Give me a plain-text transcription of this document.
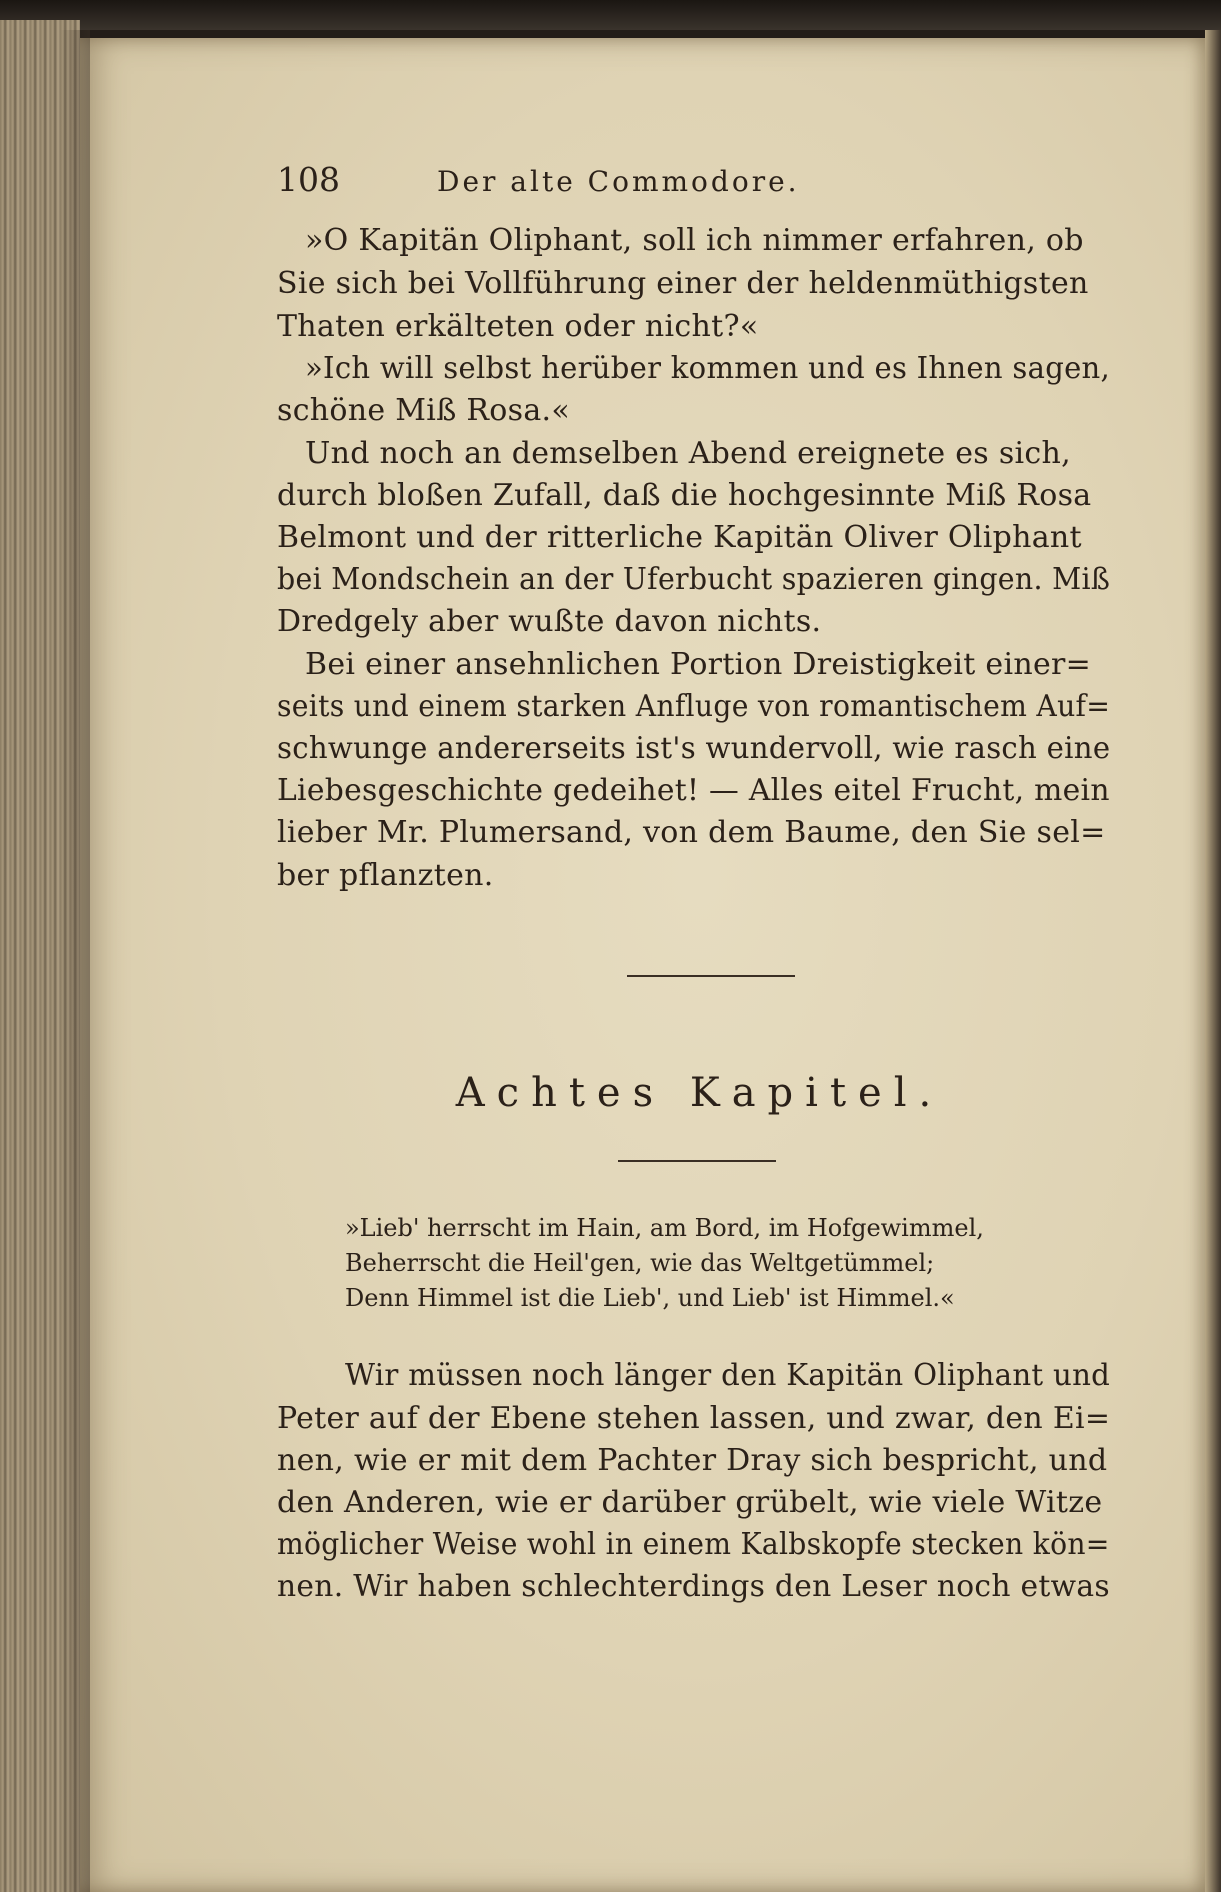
108	Der alte Commodore.
»O Kapitän Oliphant, soll ich nimmer erfahren, ob
Sie sich bei Vollführung einer der heldenmüthigsten
Thaten erkälteten oder nicht?«
»Ich will selbst herüber kommen und es Ihnen sagen,
schöne Miß Rosa.«
Und noch an demselben Abend ereignete es sich,
durch bloßen Zufall, daß die hochgesinnte Miß Rosa
Belmont und der ritterliche Kapitän Oliver Oliphant
bei Mondschein an der Uferbucht spazieren gingen. Miß
Dredgely aber wußte davon nichts.
Bei einer ansehnlichen Portion Dreistigkeit einer=
seits und einem starken Anfluge von romantischem Auf=
schwunge andererseits ist's wundervoll, wie rasch eine
Liebesgeschichte gedeihet! — Alles eitel Frucht, mein
lieber Mr. Plumersand, von dem Baume, den Sie sel=
ber pflanzten.
Achtes Kapitel.
»Lieb' herrscht im Hain, am Bord, im Hofgewimmel,
Beherrscht die Heil'gen, wie das Weltgetümmel;
Denn Himmel ist die Lieb', und Lieb' ist Himmel.«
Wir müssen noch länger den Kapitän Oliphant und
Peter auf der Ebene stehen lassen, und zwar, den Ei=
nen, wie er mit dem Pachter Dray sich bespricht, und
den Anderen, wie er darüber grübelt, wie viele Witze
möglicher Weise wohl in einem Kalbskopfe stecken kön=
nen. Wir haben schlechterdings den Leser noch etwas
